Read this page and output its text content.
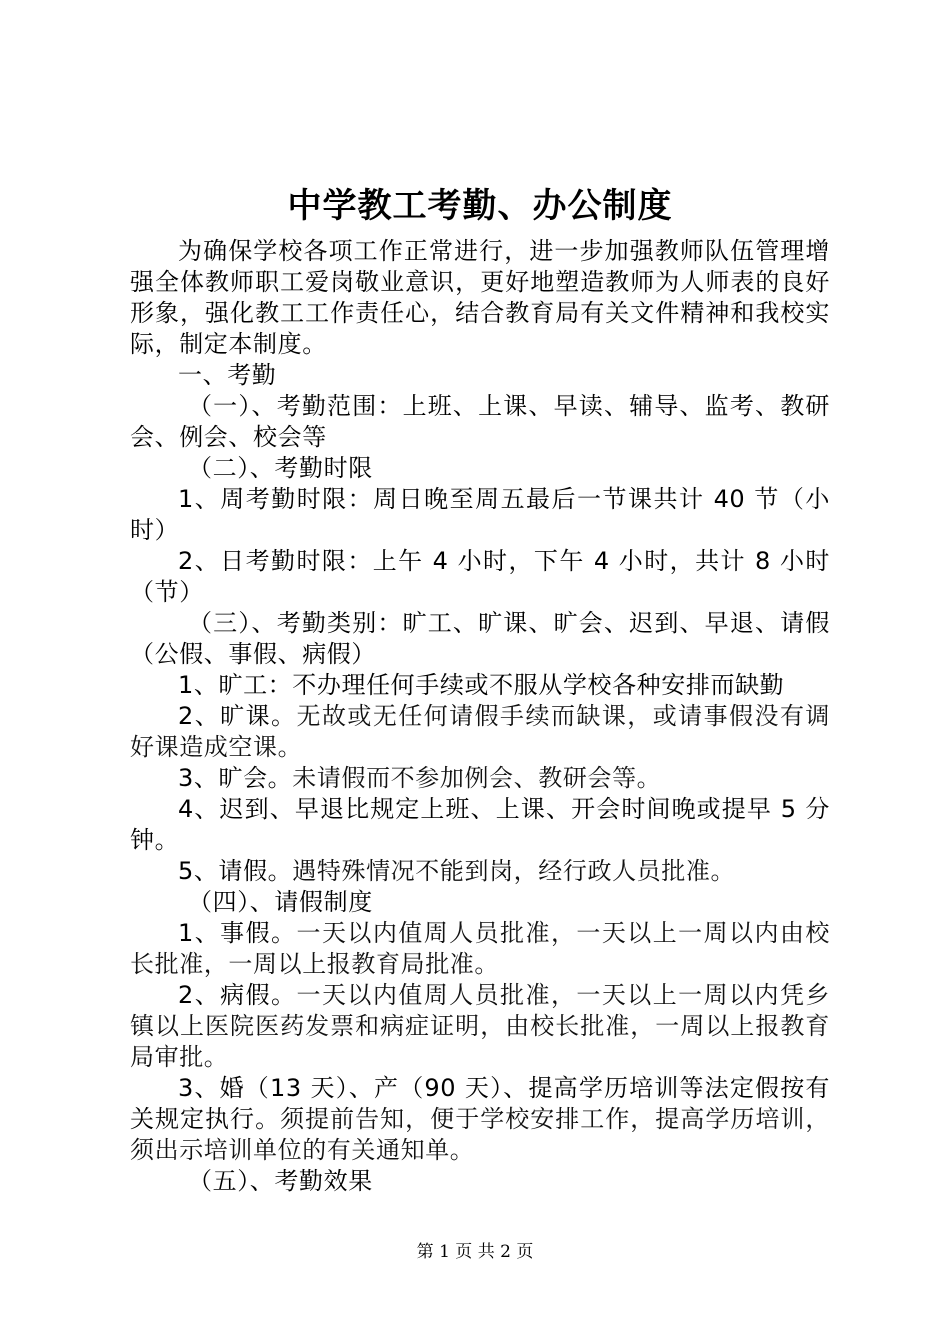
中学教工考勤、办公制度

为确保学校各项工作正常进行，进一步加强教师队伍管理增强全体教师职工爱岗敬业意识，更好地塑造教师为人师表的良好形象，强化教工工作责任心，结合教育局有关文件精神和我校实际，制定本制度。

一、考勤

（一）、考勤范围：上班、上课、早读、辅导、监考、教研会、例会、校会等

（二）、考勤时限

1、周考勤时限：周日晚至周五最后一节课共计 40 节（小时）

2、日考勤时限：上午 4 小时，下午 4 小时，共计 8 小时（节）

（三）、考勤类别：旷工、旷课、旷会、迟到、早退、请假（公假、事假、病假）

1、旷工：不办理任何手续或不服从学校各种安排而缺勤

2、旷课。无故或无任何请假手续而缺课，或请事假没有调好课造成空课。

3、旷会。未请假而不参加例会、教研会等。

4、迟到、早退比规定上班、上课、开会时间晚或提早 5 分钟。

5、请假。遇特殊情况不能到岗，经行政人员批准。

（四）、请假制度

1、事假。一天以内值周人员批准，一天以上一周以内由校长批准，一周以上报教育局批准。

2、病假。一天以内值周人员批准，一天以上一周以内凭乡镇以上医院医药发票和病症证明，由校长批准，一周以上报教育局审批。

3、婚（13 天）、产（90 天）、提高学历培训等法定假按有关规定执行。须提前告知，便于学校安排工作，提高学历培训，须出示培训单位的有关通知单。

（五）、考勤效果

第 1 页 共 2 页
